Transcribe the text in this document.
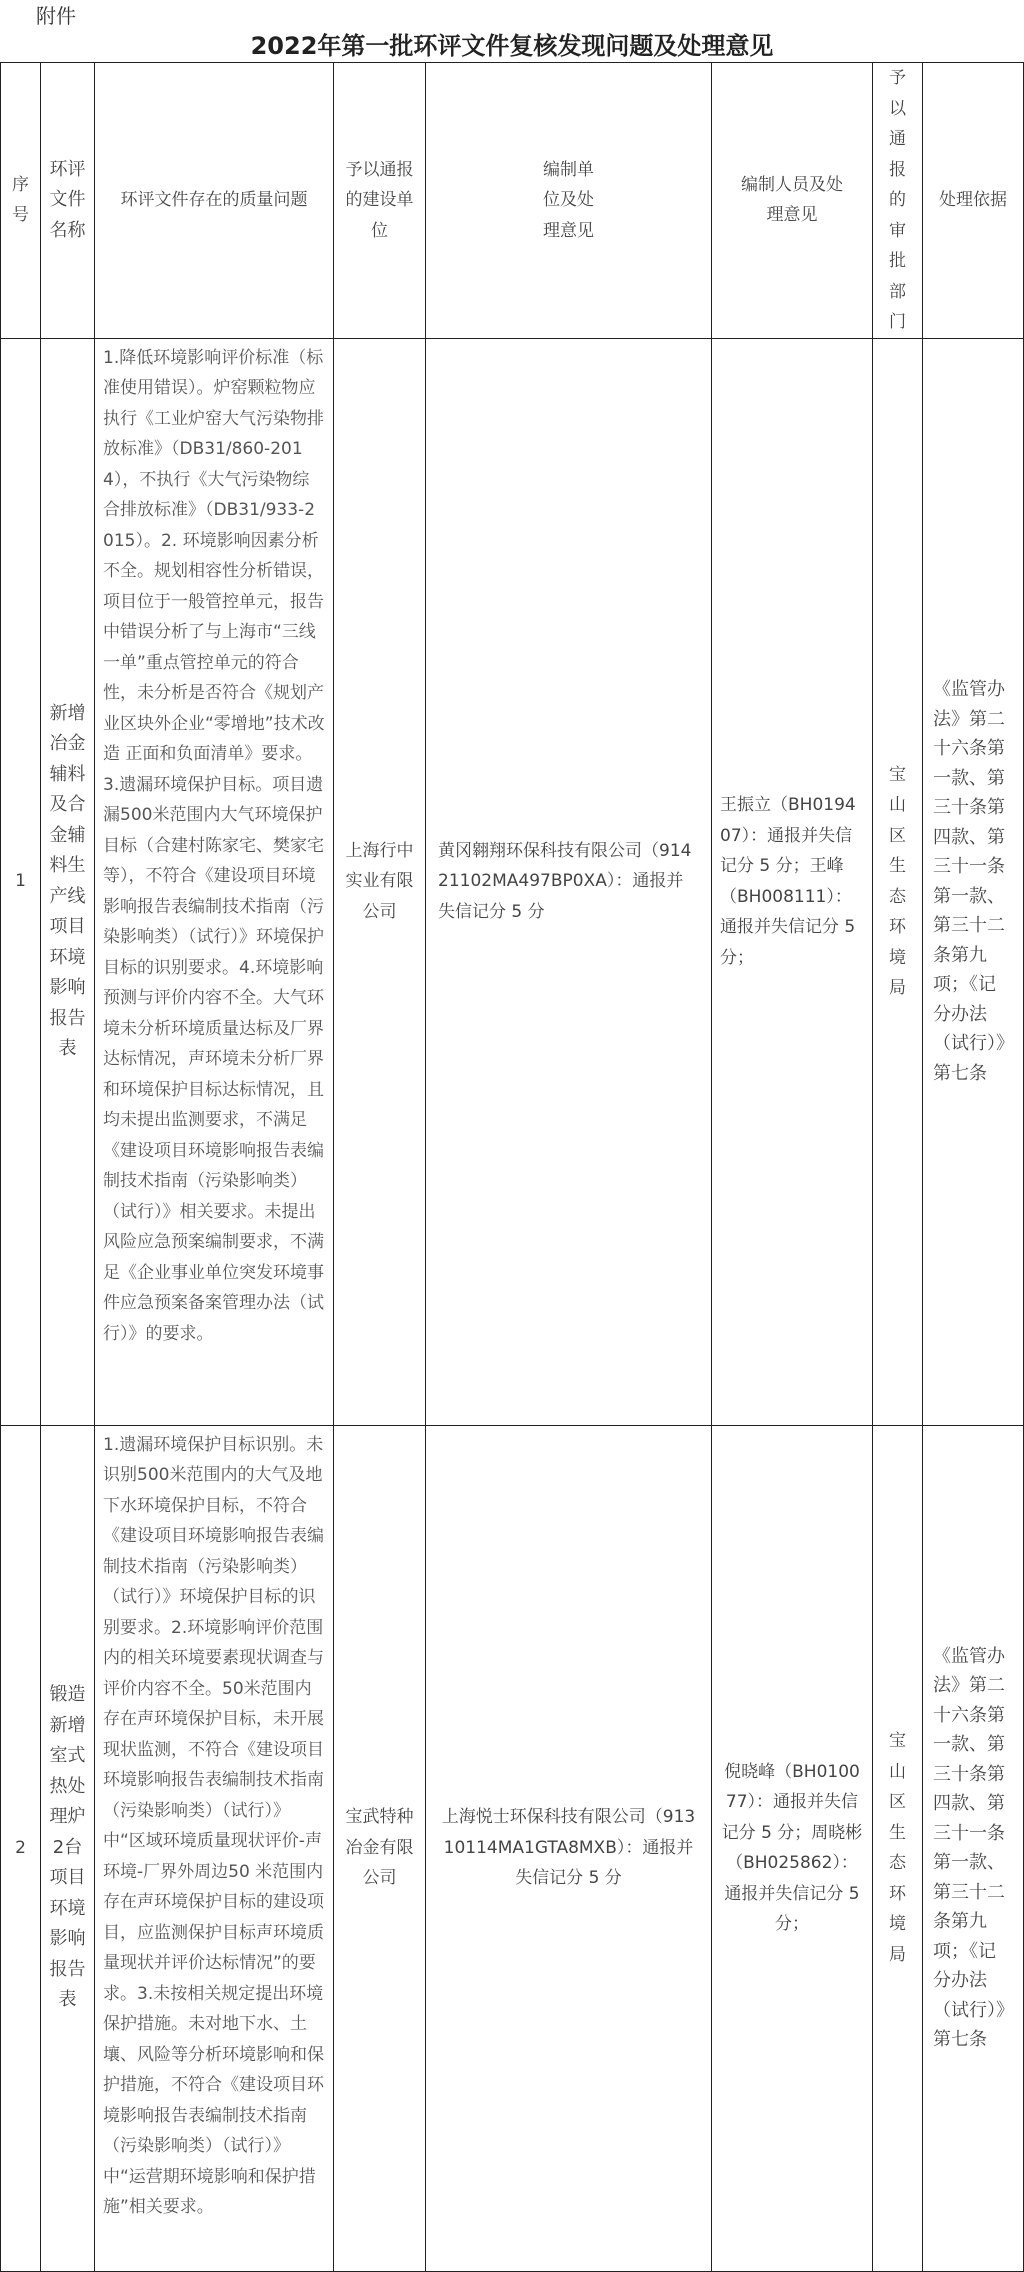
附件
2022年第一批环评文件复核发现问题及处理意见
序号	环评文件名称	环评文件存在的质量问题	予以通报的建设单位	编制单位及处理意见	编制人员及处理意见	予以通报的审批部门	处理依据
1	新增冶金辅料及合金辅料生产线项目环境影响报告表	1.降低环境影响评价标准（标准使用错误）。炉窑颗粒物应执行《工业炉窑大气污染物排放标准》（DB31/860-2014），不执行《大气污染物综合排放标准》（DB31/933-2015）。2. 环境影响因素分析不全。规划相容性分析错误，项目位于一般管控单元，报告中错误分析了与上海市“三线一单”重点管控单元的符合性，未分析是否符合《规划产业区块外企业“零增地”技术改造 正面和负面清单》要求。3.遗漏环境保护目标。项目遗漏500米范围内大气环境保护目标（合建村陈家宅、樊家宅等），不符合《建设项目环境影响报告表编制技术指南（污染影响类）（试行）》环境保护目标的识别要求。4.环境影响预测与评价内容不全。大气环境未分析环境质量达标及厂界达标情况，声环境未分析厂界和环境保护目标达标情况，且均未提出监测要求，不满足《建设项目环境影响报告表编制技术指南（污染影响类）（试行）》相关要求。未提出风险应急预案编制要求，不满足《企业事业单位突发环境事件应急预案备案管理办法（试行）》的要求。	上海行中实业有限公司	黄冈翱翔环保科技有限公司（91421102MA497BP0XA）：通报并失信记分 5 分	王振立（BH019407）：通报并失信记分 5 分；王峰（BH008111）：通报并失信记分 5 分；	宝山区生态环境局	《监管办法》第二十六条第一款、第三十条第四款、第三十一条第一款、第三十二条第九项；《记分办法（试行）》第七条
2	锻造新增室式热处理炉2台项目环境影响报告表	1.遗漏环境保护目标识别。未识别500米范围内的大气及地下水环境保护目标，不符合《建设项目环境影响报告表编制技术指南（污染影响类）（试行）》环境保护目标的识别要求。2.环境影响评价范围内的相关环境要素现状调查与评价内容不全。50米范围内存在声环境保护目标，未开展现状监测，不符合《建设项目环境影响报告表编制技术指南（污染影响类）（试行）》中“区域环境质量现状评价-声环境-厂界外周边50 米范围内存在声环境保护目标的建设项目，应监测保护目标声环境质量现状并评价达标情况”的要求。3.未按相关规定提出环境保护措施。未对地下水、土壤、风险等分析环境影响和保护措施，不符合《建设项目环境影响报告表编制技术指南（污染影响类）（试行）》中“运营期环境影响和保护措施”相关要求。	宝武特种冶金有限公司	上海悦士环保科技有限公司（91310114MA1GTA8MXB）：通报并失信记分 5 分	倪晓峰（BH010077）：通报并失信记分 5 分；周晓彬（BH025862）：通报并失信记分 5 分；	宝山区生态环境局	《监管办法》第二十六条第一款、第三十条第四款、第三十一条第一款、第三十二条第九项；《记分办法（试行）》第七条
